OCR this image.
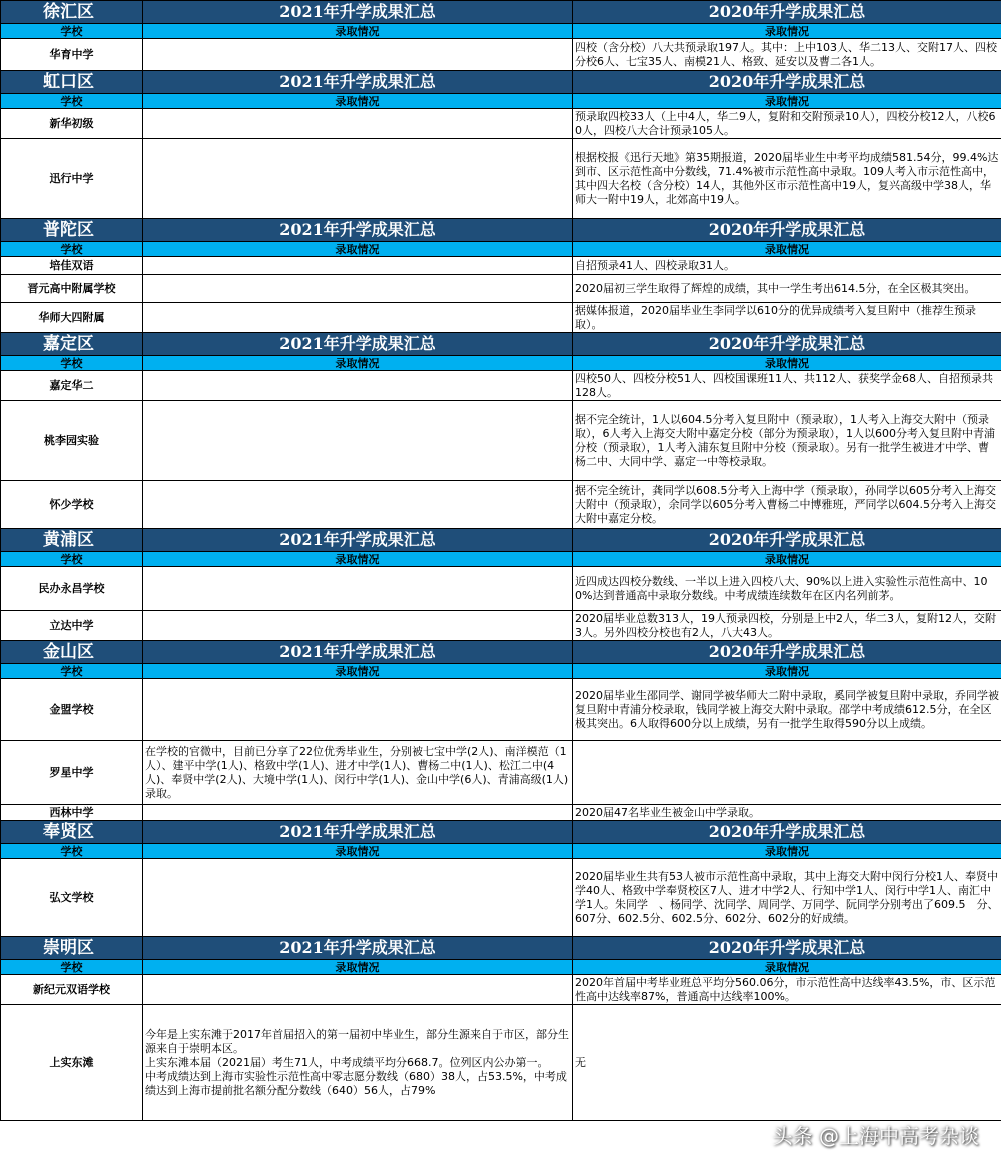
徐汇区	2021年升学成果汇总	2020年升学成果汇总
学校	录取情况	录取情况
华育中学		四校（含分校）八大共预录取197人。其中：上中103人、华二13人、交附17人、四校分校6人、七宝35人、南模21人、格致、延安以及曹二各1人。
虹口区	2021年升学成果汇总	2020年升学成果汇总
学校	录取情况	录取情况
新华初级		预录取四校33人（上中4人，华二9人，复附和交附预录10人），四校分校12人，八校60人，四校八大合计预录105人。
迅行中学		根据校报《迅行天地》第35期报道，2020届毕业生中考平均成绩581.54分，99.4%达到市、区示范性高中分数线，71.4%被市示范性高中录取。109人考入市示范性高中，其中四大名校（含分校）14人，其他外区市示范性高中19人，复兴高级中学38人，华师大一附中19人，北郊高中19人。
普陀区	2021年升学成果汇总	2020年升学成果汇总
学校	录取情况	录取情况
培佳双语		自招预录41人、四校录取31人。
晋元高中附属学校		2020届初三学生取得了辉煌的成绩，其中一学生考出614.5分，在全区极其突出。
华师大四附属		据媒体报道，2020届毕业生李同学以610分的优异成绩考入复旦附中（推荐生预录取）。
嘉定区	2021年升学成果汇总	2020年升学成果汇总
学校	录取情况	录取情况
嘉定华二		四校50人、四校分校51人、四校国课班11人、共112人、获奖学金68人、自招预录共128人。
桃李园实验		据不完全统计，1人以604.5分考入复旦附中（预录取），1人考入上海交大附中（预录取），6人考入上海交大附中嘉定分校（部分为预录取），1人以600分考入复旦附中青浦分校（预录取），1人考入浦东复旦附中分校（预录取）。另有一批学生被进才中学、曹杨二中、大同中学、嘉定一中等校录取。
怀少学校		据不完全统计，龚同学以608.5分考入上海中学（预录取），孙同学以605分考入上海交大附中（预录取），余同学以605分考入曹杨二中博雅班，严同学以604.5分考入上海交大附中嘉定分校。
黄浦区	2021年升学成果汇总	2020年升学成果汇总
学校	录取情况	录取情况
民办永昌学校		近四成达四校分数线、一半以上进入四校八大、90%以上进入实验性示范性高中、100%达到普通高中录取分数线。中考成绩连续数年在区内名列前茅。
立达中学		2020届毕业总数313人，19人预录四校，分别是上中2人，华二3人，复附12人，交附3人。另外四校分校也有2人，八大43人。
金山区	2021年升学成果汇总	2020年升学成果汇总
学校	录取情况	录取情况
金盟学校		2020届毕业生邵同学、谢同学被华师大二附中录取，奚同学被复旦附中录取，乔同学被复旦附中青浦分校录取，钱同学被上海交大附中录取。邵学中考成绩612.5分，在全区极其突出。6人取得600分以上成绩，另有一批学生取得590分以上成绩。
罗星中学	在学校的官微中，目前已分享了22位优秀毕业生，分别被七宝中学(2人)、南洋模范（1人）、建平中学(1人)、格致中学(1人)、进才中学(1人)、曹杨二中(1人)、松江二中(4人)、奉贤中学(2人)、大境中学(1人)、闵行中学(1人)、金山中学(6人)、青浦高级(1人)录取。	
西林中学		2020届47名毕业生被金山中学录取。
奉贤区	2021年升学成果汇总	2020年升学成果汇总
学校	录取情况	录取情况
弘文学校		2020届毕业生共有53人被市示范性高中录取，其中上海交大附中闵行分校1人、奉贤中学40人、格致中学奉贤校区7人、进才中学2人、行知中学1人、闵行中学1人、南汇中学1人。朱同学　、杨同学、沈同学、周同学、万同学、阮同学分别考出了609.5　分、607分、602.5分、602.5分、602分、602分的好成绩。
崇明区	2021年升学成果汇总	2020年升学成果汇总
学校	录取情况	录取情况
新纪元双语学校		2020年首届中考毕业班总平均分560.06分，市示范性高中达线率43.5%，市、区示范性高中达线率87%，普通高中达线率100%。
上实东滩	今年是上实东滩于2017年首届招入的第一届初中毕业生，部分生源来自于市区，部分生源来自于崇明本区。
上实东滩本届（2021届）考生71人，中考成绩平均分668.7。位列区内公办第一。
中考成绩达到上海市实验性示范性高中零志愿分数线（680）38人，占53.5%，中考成绩达到上海市提前批名额分配分数线（640）56人，占79%	无
头条 @上海中高考杂谈
